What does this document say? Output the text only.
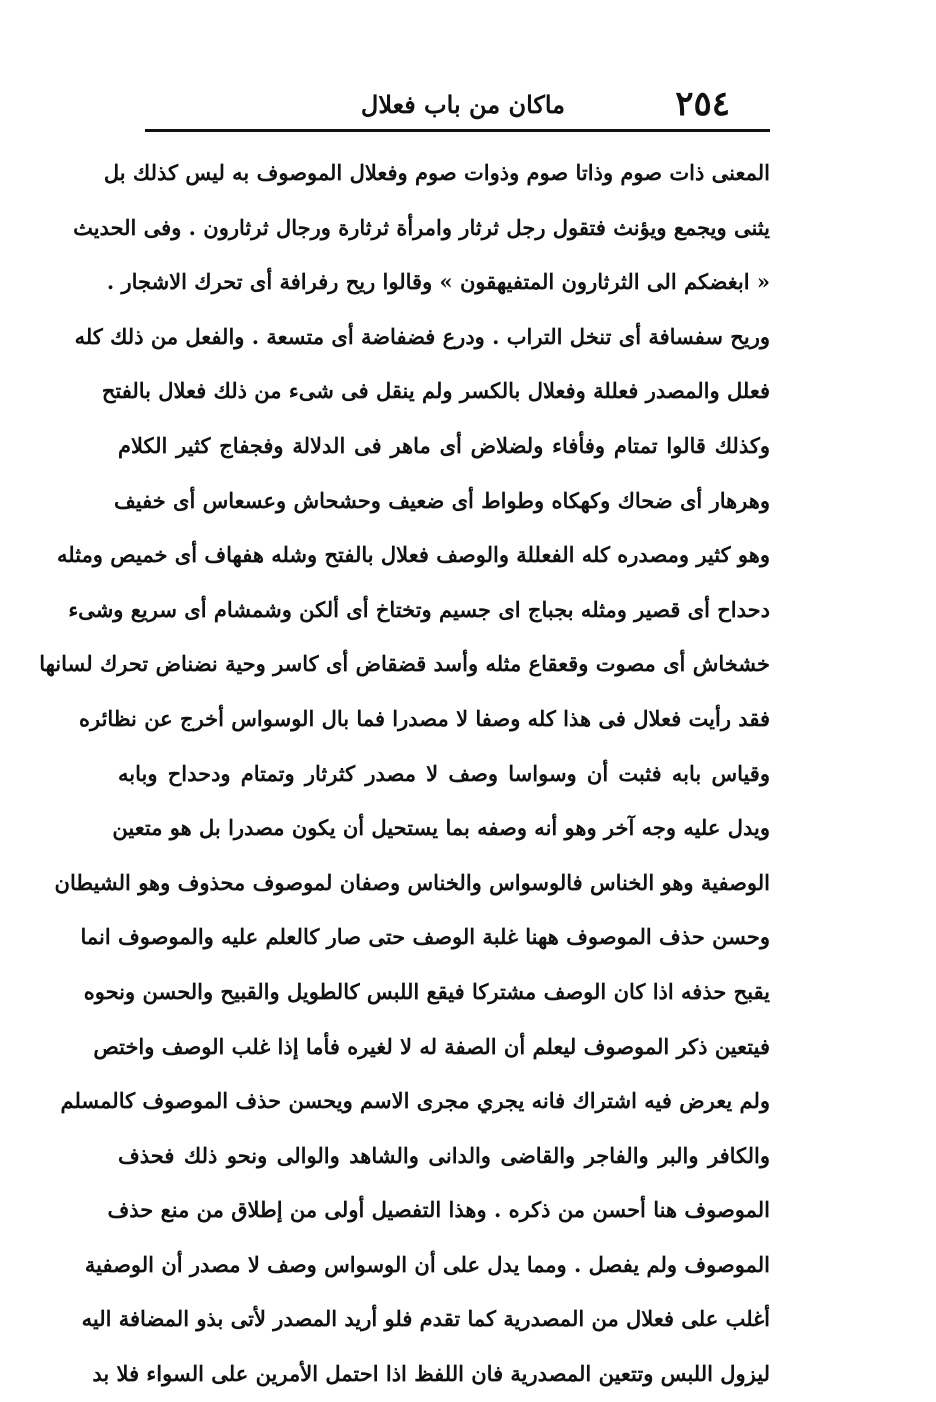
٢٥٤
ماكان من باب فعلال
المعنى ذات صوم وذاتا صوم وذوات صوم وفعلال الموصوف به ليس كذلك بل
يثنى ويجمع ويؤنث فتقول رجل ثرثار وامرأة ثرثارة ورجال ثرثارون . وفى الحديث
« ابغضكم الى الثرثارون المتفيهقون » وقالوا ريح رفرافة أى تحرك الاشجار .
وريح سفسافة أى تنخل التراب . ودرع فضفاضة أى متسعة . والفعل من ذلك كله
فعلل والمصدر فعللة وفعلال بالكسر ولم ينقل فى شىء من ذلك فعلال بالفتح
وكذلك قالوا تمتام وفأفاء ولضلاض أى ماهر فى الدلالة وفجفاج كثير الكلام
وهرهار أى ضحاك وكهكاه وطواط أى ضعيف وحشحاش وعسعاس أى خفيف
وهو كثير ومصدره كله الفعللة والوصف فعلال بالفتح وشله هفهاف أى خميص ومثله
دحداح أى قصير ومثله بجباج اى جسيم وتختاخ أى ألكن وشمشام أى سريع وشىء
خشخاش أى مصوت وقعقاع مثله وأسد قضقاض أى كاسر وحية نضناض تحرك لسانها
فقد رأيت فعلال فى هذا كله وصفا لا مصدرا فما بال الوسواس أخرج عن نظائره
وقياس بابه فثبت أن وسواسا وصف لا مصدر كثرثار وتمتام ودحداح وبابه
ويدل عليه وجه آخر وهو أنه وصفه بما يستحيل أن يكون مصدرا بل هو متعين
الوصفية وهو الخناس فالوسواس والخناس وصفان لموصوف محذوف وهو الشيطان
وحسن حذف الموصوف ههنا غلبة الوصف حتى صار كالعلم عليه والموصوف انما
يقبح حذفه اذا كان الوصف مشتركا فيقع اللبس كالطويل والقبيح والحسن ونحوه
فيتعين ذكر الموصوف ليعلم أن الصفة له لا لغيره فأما إذا غلب الوصف واختص
ولم يعرض فيه اشتراك فانه يجري مجرى الاسم ويحسن حذف الموصوف كالمسلم
والكافر والبر والفاجر والقاضى والدانى والشاهد والوالى ونحو ذلك فحذف
الموصوف هنا أحسن من ذكره . وهذا التفصيل أولى من إطلاق من منع حذف
الموصوف ولم يفصل . ومما يدل على أن الوسواس وصف لا مصدر أن الوصفية
أغلب على فعلال من المصدرية كما تقدم فلو أريد المصدر لأتى بذو المضافة اليه
ليزول اللبس وتتعين المصدرية فان اللفظ اذا احتمل الأمرين على السواء فلا بد
